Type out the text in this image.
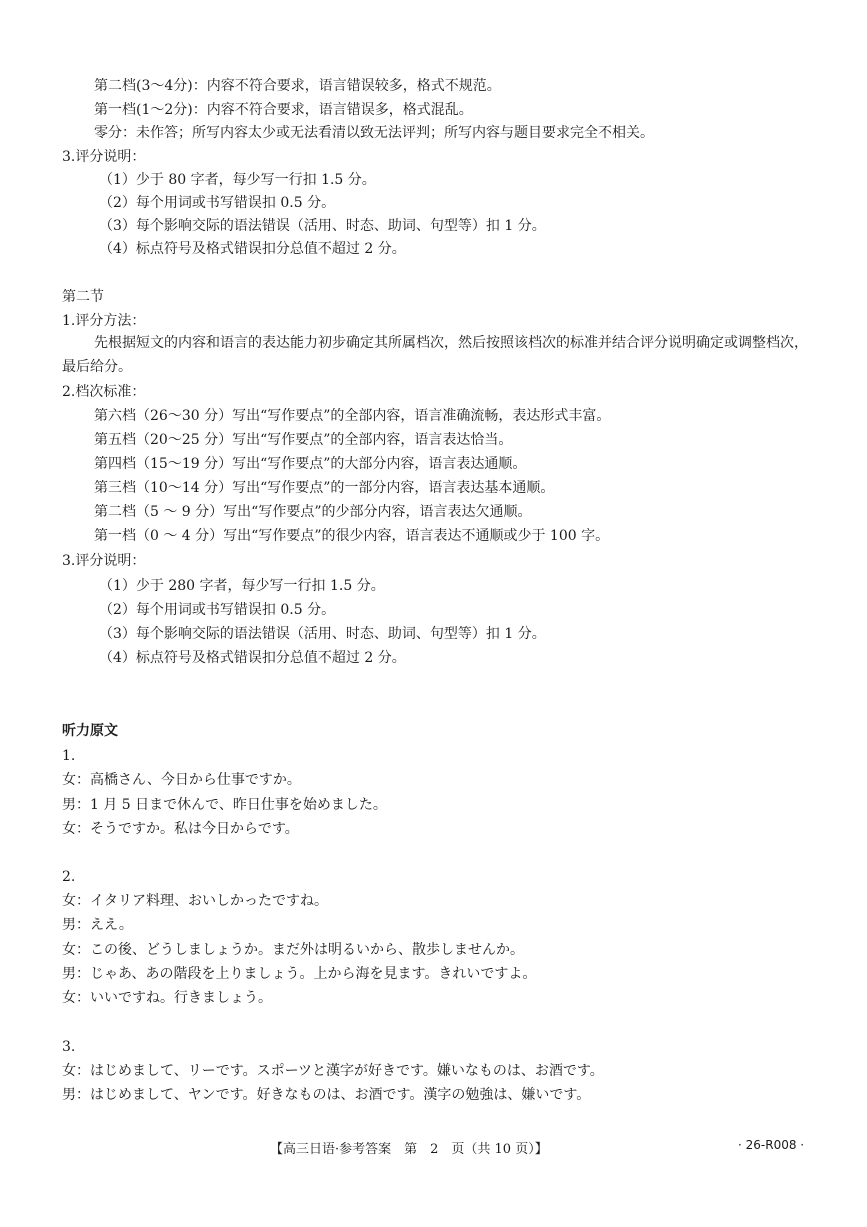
第二档(3～4分)：内容不符合要求，语言错误较多，格式不规范。
第一档(1～2分)：内容不符合要求，语言错误多，格式混乱。
零分：未作答；所写内容太少或无法看清以致无法评判；所写内容与题目要求完全不相关。
3.评分说明：
（1）少于 80 字者，每少写一行扣 1.5 分。
（2）每个用词或书写错误扣 0.5 分。
（3）每个影响交际的语法错误（活用、时态、助词、句型等）扣 1 分。
（4）标点符号及格式错误扣分总值不超过 2 分。
第二节
1.评分方法：
先根据短文的内容和语言的表达能力初步确定其所属档次，然后按照该档次的标准并结合评分说明确定或调整档次，最后给分。
2.档次标准：
第六档（26～30 分）写出“写作要点”的全部内容，语言准确流畅，表达形式丰富。
第五档（20～25 分）写出“写作要点”的全部内容，语言表达恰当。
第四档（15～19 分）写出“写作要点”的大部分内容，语言表达通顺。
第三档（10～14 分）写出“写作要点”的一部分内容，语言表达基本通顺。
第二档（5 ～ 9 分）写出“写作要点”的少部分内容，语言表达欠通顺。
第一档（0 ～ 4 分）写出“写作要点”的很少内容，语言表达不通顺或少于 100 字。
3.评分说明：
（1）少于 280 字者，每少写一行扣 1.5 分。
（2）每个用词或书写错误扣 0.5 分。
（3）每个影响交际的语法错误（活用、时态、助词、句型等）扣 1 分。
（4）标点符号及格式错误扣分总值不超过 2 分。
听力原文
1.
女：高橋さん、今日から仕事ですか。
男：1 月 5 日まで休んで、昨日仕事を始めました。
女：そうですか。私は今日からです。
2.
女：イタリア料理、おいしかったですね。
男：ええ。
女：この後、どうしましょうか。まだ外は明るいから、散歩しませんか。
男：じゃあ、あの階段を上りましょう。上から海を見ます。きれいですよ。
女：いいですね。行きましょう。
3.
女：はじめまして、リーです。スポーツと漢字が好きです。嫌いなものは、お酒です。
男：はじめまして、ヤンです。好きなものは、お酒です。漢字の勉強は、嫌いです。
【高三日语·参考答案　第　2　页（共 10 页）】	· 26-R008 ·
